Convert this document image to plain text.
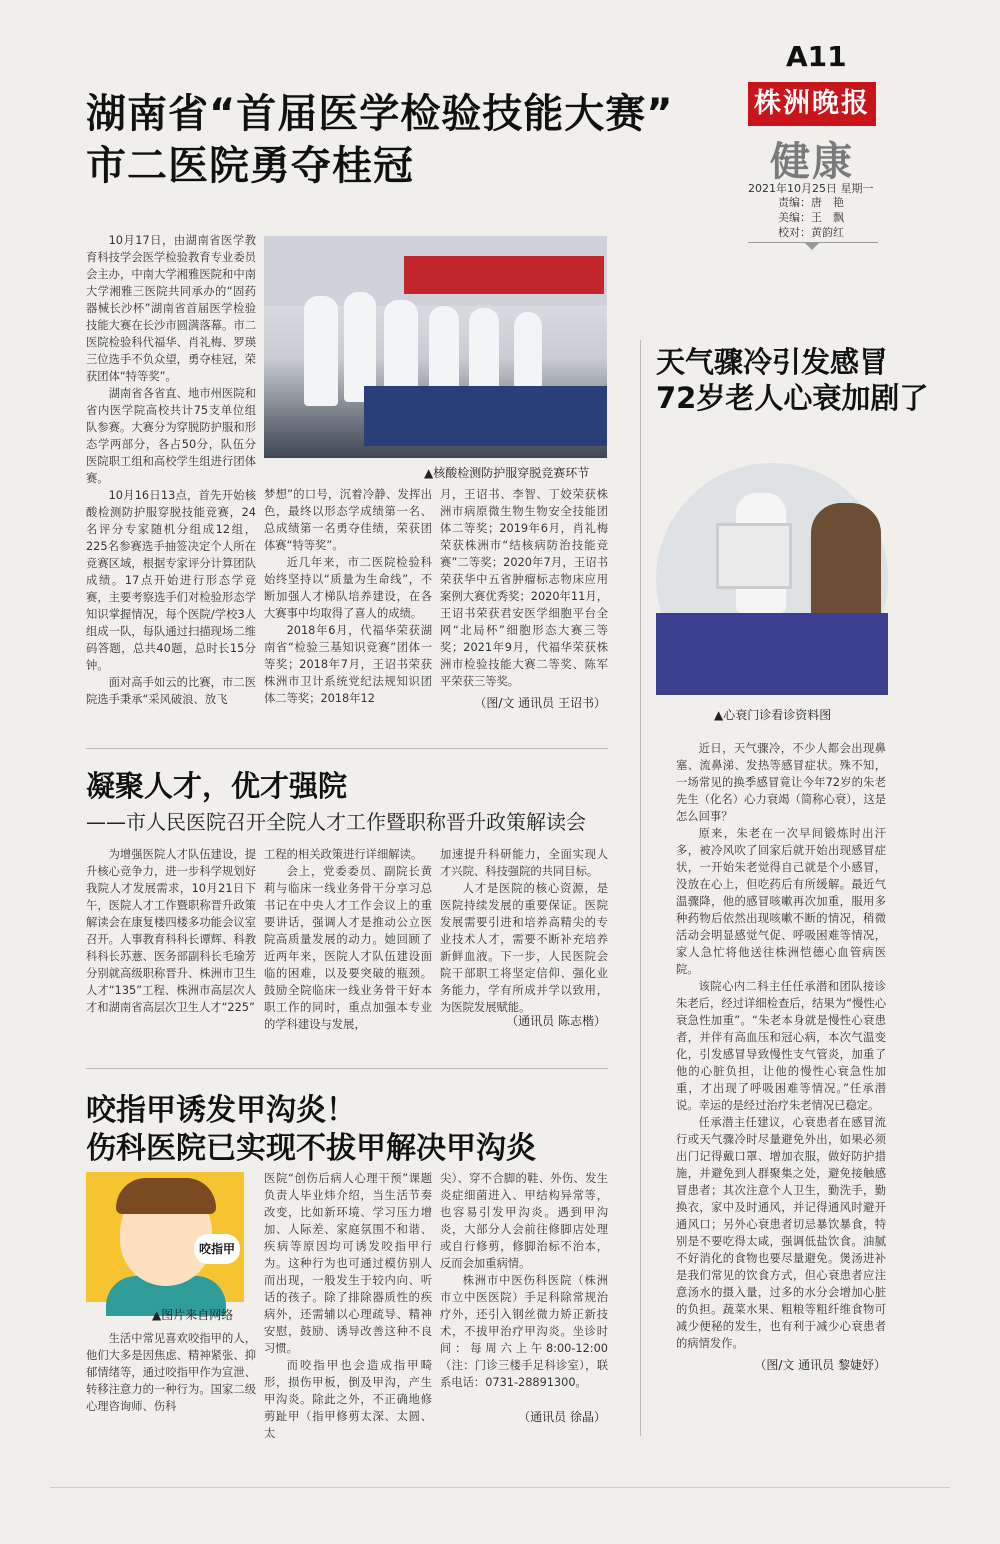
A11
株洲晚报
健康
2021年10月25日 星期一
责编：唐　艳
美编：王　飘
校对：黄韵红
湖南省“首届医学检验技能大赛”
市二医院勇夺桂冠

10月17日，由湖南省医学教育科技学会医学检验教育专业委员会主办，中南大学湘雅医院和中南大学湘雅三医院共同承办的“固药器械长沙杯”湖南省首届医学检验技能大赛在长沙市圆满落幕。市二医院检验科代福华、肖礼梅、罗瑛三位选手不负众望，勇夺桂冠，荣获团体“特等奖”。

湖南省各省直、地市州医院和省内医学院高校共计75支单位组队参赛。大赛分为穿脱防护服和形态学两部分，各占50分，队伍分医院职工组和高校学生组进行团体赛。

10月16日13点，首先开始核酸检测防护服穿脱技能竞赛，24名评分专家随机分组成12组，225名参赛选手抽签决定个人所在竞赛区域，根据专家评分计算团队成绩。17点开始进行形态学竞赛，主要考察选手们对检验形态学知识掌握情况，每个医院/学校3人组成一队，每队通过扫描现场二维码答题，总共40题，总时长15分钟。

面对高手如云的比赛，市二医院选手秉承“采风破浪、放飞

▲核酸检测防护服穿脱竞赛环节

梦想”的口号，沉着冷静、发挥出色，最终以形态学成绩第一名、总成绩第一名勇夺佳绩，荣获团体赛“特等奖”。

近几年来，市二医院检验科始终坚持以“质量为生命线”，不断加强人才梯队培养建设，在各大赛事中均取得了喜人的成绩。

2018年6月，代福华荣获湖南省“检验三基知识竞赛”团体一等奖；2018年7月，王诏书荣获株洲市卫计系统党纪法规知识团体二等奖；2018年12

月，王诏书、李智、丁姣荣获株洲市病原微生物生物安全技能团体二等奖；2019年6月，肖礼梅荣获株洲市“结核病防治技能竞赛”二等奖；2020年7月，王诏书荣获华中五省肿瘤标志物床应用案例大赛优秀奖；2020年11月，王诏书荣获君安医学细胞平台全网“北局杯”细胞形态大赛三等奖；2021年9月，代福华荣获株洲市检验技能大赛二等奖、陈军平荣获三等奖。

（图/文 通讯员 王诏书）
凝聚人才，优才强院
——市人民医院召开全院人才工作暨职称晋升政策解读会

为增强医院人才队伍建设，提升核心竞争力，进一步科学规划好我院人才发展需求，10月21日下午，医院人才工作暨职称晋升政策解读会在康复楼四楼多功能会议室召开。人事教育科科长谭辉、科教科科长苏薏、医务部副科长毛瑜芳分别就高级职称晋升、株洲市卫生人才“135”工程、株洲市高层次人才和湖南省高层次卫生人才“225”

工程的相关政策进行详细解读。

会上，党委委员、副院长黄莉与临床一线业务骨干分享习总书记在中央人才工作会议上的重要讲话，强调人才是推动公立医院高质量发展的动力。她回顾了近两年来，医院人才队伍建设面临的困难，以及要突破的瓶颈。鼓励全院临床一线业务骨干好本职工作的同时，重点加强本专业的学科建设与发展，

加速提升科研能力，全面实现人才兴院、科技强院的共同目标。

人才是医院的核心资源，是医院持续发展的重要保证。医院发展需要引进和培养高精尖的专业技术人才，需要不断补充培养新鲜血液。下一步，人民医院会院干部职工将坚定信仰、强化业务能力，学有所成并学以致用，为医院发展赋能。

（通讯员 陈志楷）
咬指甲诱发甲沟炎！
伤科医院已实现不拔甲解决甲沟炎
咬指甲
▲图片来自网络

生活中常见喜欢咬指甲的人，他们大多是因焦虑、精神紧张、抑郁情绪等，通过咬指甲作为宣泄、转移注意力的一种行为。国家二级心理咨询师、伤科

医院“创伤后病人心理干预”课题负责人毕业炜介绍，当生活节奏改变，比如新环境、学习压力增加、人际差、家庭氛围不和谐、疾病等原因均可诱发咬指甲行为。这种行为也可通过模仿别人而出现，一般发生于较内向、听话的孩子。除了排除器质性的疾病外，还需辅以心理疏导、精神安慰，鼓励、诱导改善这种不良习惯。

而咬指甲也会造成指甲畸形，损伤甲板，倒及甲沟，产生甲沟炎。除此之外，不正确地修剪趾甲（指甲修剪太深、太圆、太

尖）、穿不合脚的鞋、外伤、发生炎症细菌进入、甲结构异常等，也容易引发甲沟炎。遇到甲沟炎，大部分人会前往修脚店处理或自行修剪，修脚治标不治本，反而会加重病情。

株洲市中医伤科医院（株洲市立中医医院）手足科除常规治疗外，还引入钢丝微力矫正新技术，不拔甲治疗甲沟炎。坐诊时间：每周六上午8:00-12:00（注：门诊三楼手足科诊室），联系电话：0731-28891300。

（通讯员 徐晶）
天气骤冷引发感冒
72岁老人心衰加剧了
▲心衰门诊看诊资料图

近日，天气骤冷，不少人都会出现鼻塞、流鼻涕、发热等感冒症状。殊不知，一场常见的换季感冒竟让今年72岁的朱老先生（化名）心力衰竭（简称心衰），这是怎么回事？

原来，朱老在一次早间锻炼时出汗多，被冷风吹了回家后就开始出现感冒症状，一开始朱老觉得自己就是个小感冒，没放在心上，但吃药后有所缓解。最近气温骤降，他的感冒咳嗽再次加重，服用多种药物后依然出现咳嗽不断的情况，稍微活动会明显感觉气促、呼吸困难等情况，家人急忙将他送往株洲恺德心血管病医院。

该院心内二科主任任承潜和团队接诊朱老后，经过详细检查后，结果为“慢性心衰急性加重”。“朱老本身就是慢性心衰患者，并伴有高血压和冠心病，本次气温变化，引发感冒导致慢性支气管炎，加重了他的心脏负担，让他的慢性心衰急性加重，才出现了呼吸困难等情况。”任承潜说。幸运的是经过治疗朱老情况已稳定。

任承潜主任建议，心衰患者在感冒流行或天气骤冷时尽量避免外出，如果必须出门记得戴口罩、增加衣服，做好防护措施，并避免到人群聚集之处，避免接触感冒患者；其次注意个人卫生，勤洗手，勤换衣，家中及时通风，并记得通风时避开通风口；另外心衰患者切忌暴饮暴食，特别是不要吃得太咸，强调低盐饮食。油腻不好消化的食物也要尽量避免。煲汤进补是我们常见的饮食方式，但心衰患者应注意汤水的摄入量，过多的水分会增加心脏的负担。蔬菜水果、粗粮等粗纤维食物可减少便秘的发生，也有利于减少心衰患者的病情发作。

（图/文 通讯员 黎婕妤）
